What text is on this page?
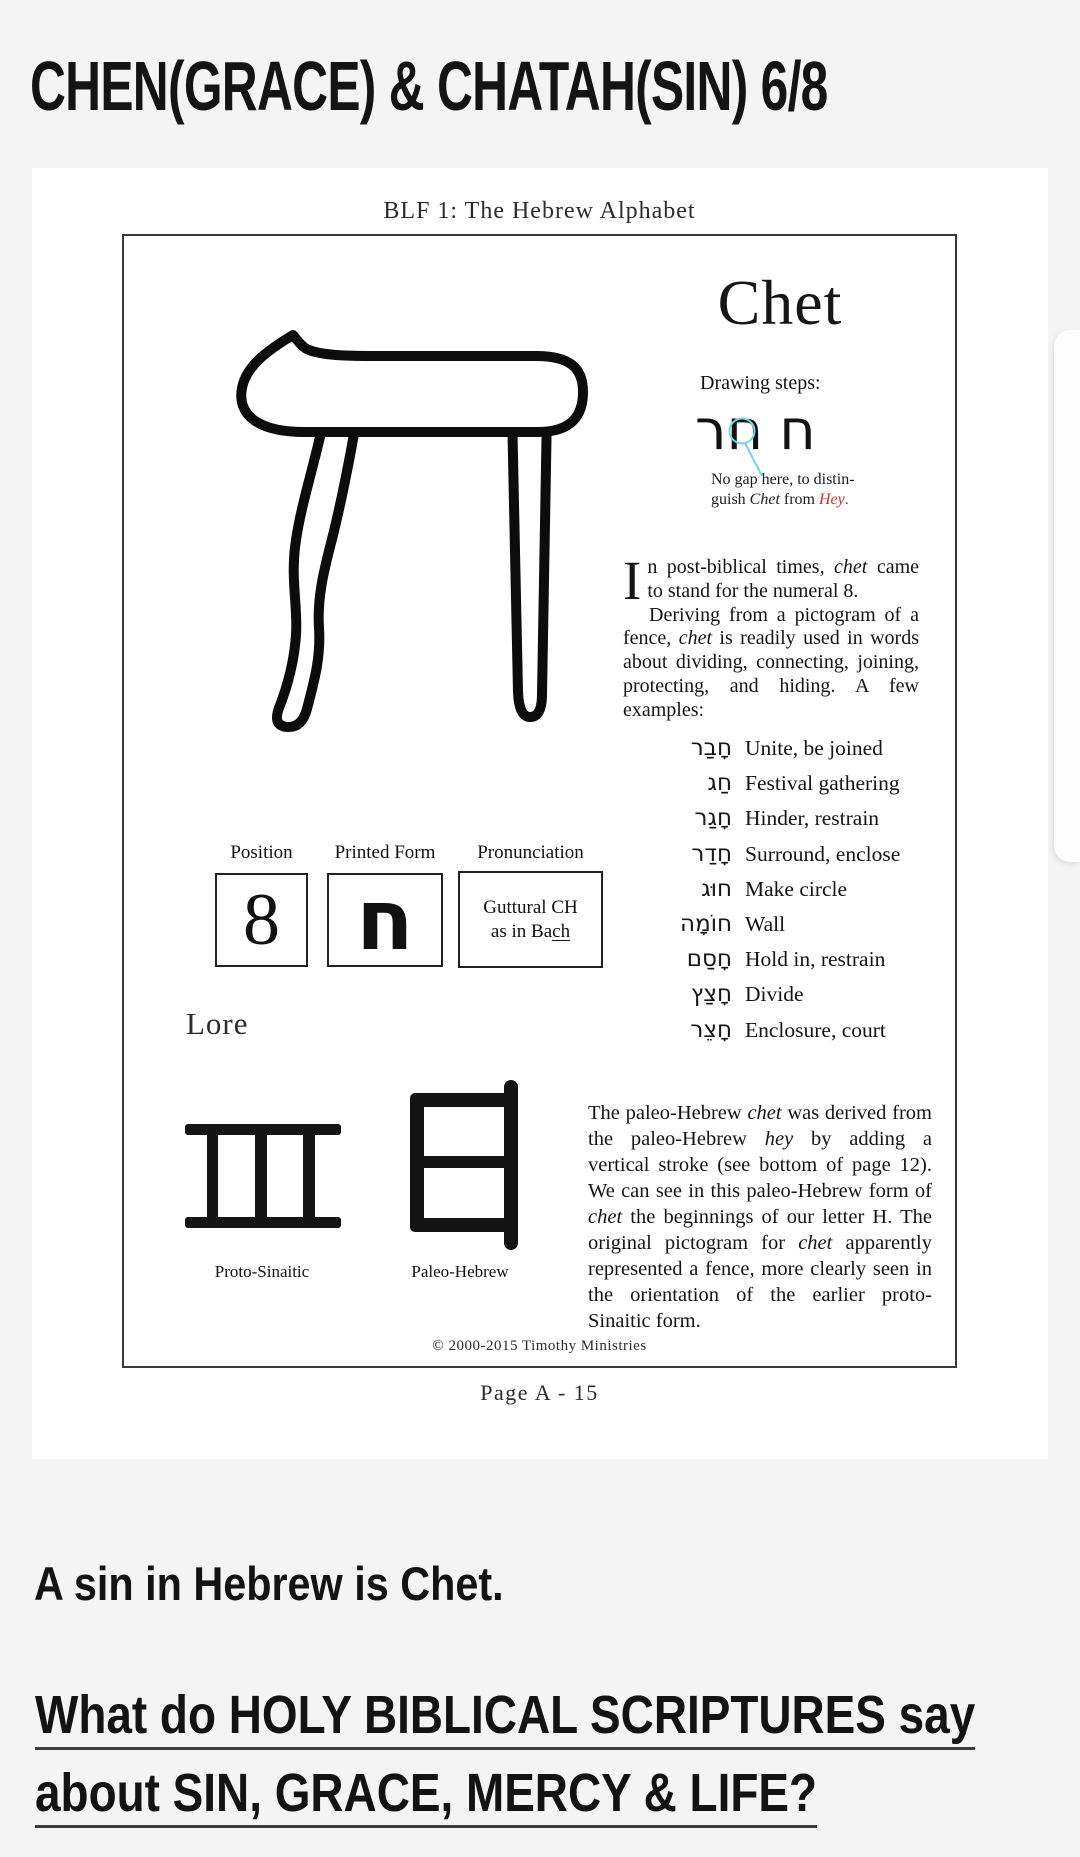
CHEN(GRACE) & CHATAH(SIN) 6/8
BLF 1: The Hebrew Alphabet
Chet
Drawing steps:
ר ח ח
No gap here, to distin-
guish Chet from Hey.
I n post-biblical times, chet came to stand for the numeral 8.
Deriving from a pictogram of a fence, chet is readily used in words about dividing, connecting, joining, protecting, and hiding. A few examples:
חָבַר Unite, be joined
חַג Festival gathering
חָגַר Hinder, restrain
חָדַר Surround, enclose
חוּג Make circle
חוֹמָה Wall
חָסַם Hold in, restrain
חָצַץ Divide
חָצֵר Enclosure, court
Position	Printed Form	Pronunciation
8 ח	Guttural CH
as in Bach
Lore
Proto-Sinaitic	Paleo-Hebrew
The paleo-Hebrew chet was derived from the paleo-Hebrew hey by adding a vertical stroke (see bottom of page 12). We can see in this paleo-Hebrew form of chet the beginnings of our letter H. The original pictogram for chet apparently represented a fence, more clearly seen in the orientation of the earlier proto-Sinaitic form.
© 2000-2015 Timothy Ministries
Page A - 15
A sin in Hebrew is Chet.
What do HOLY BIBLICAL SCRIPTURES say
about SIN, GRACE, MERCY & LIFE?
